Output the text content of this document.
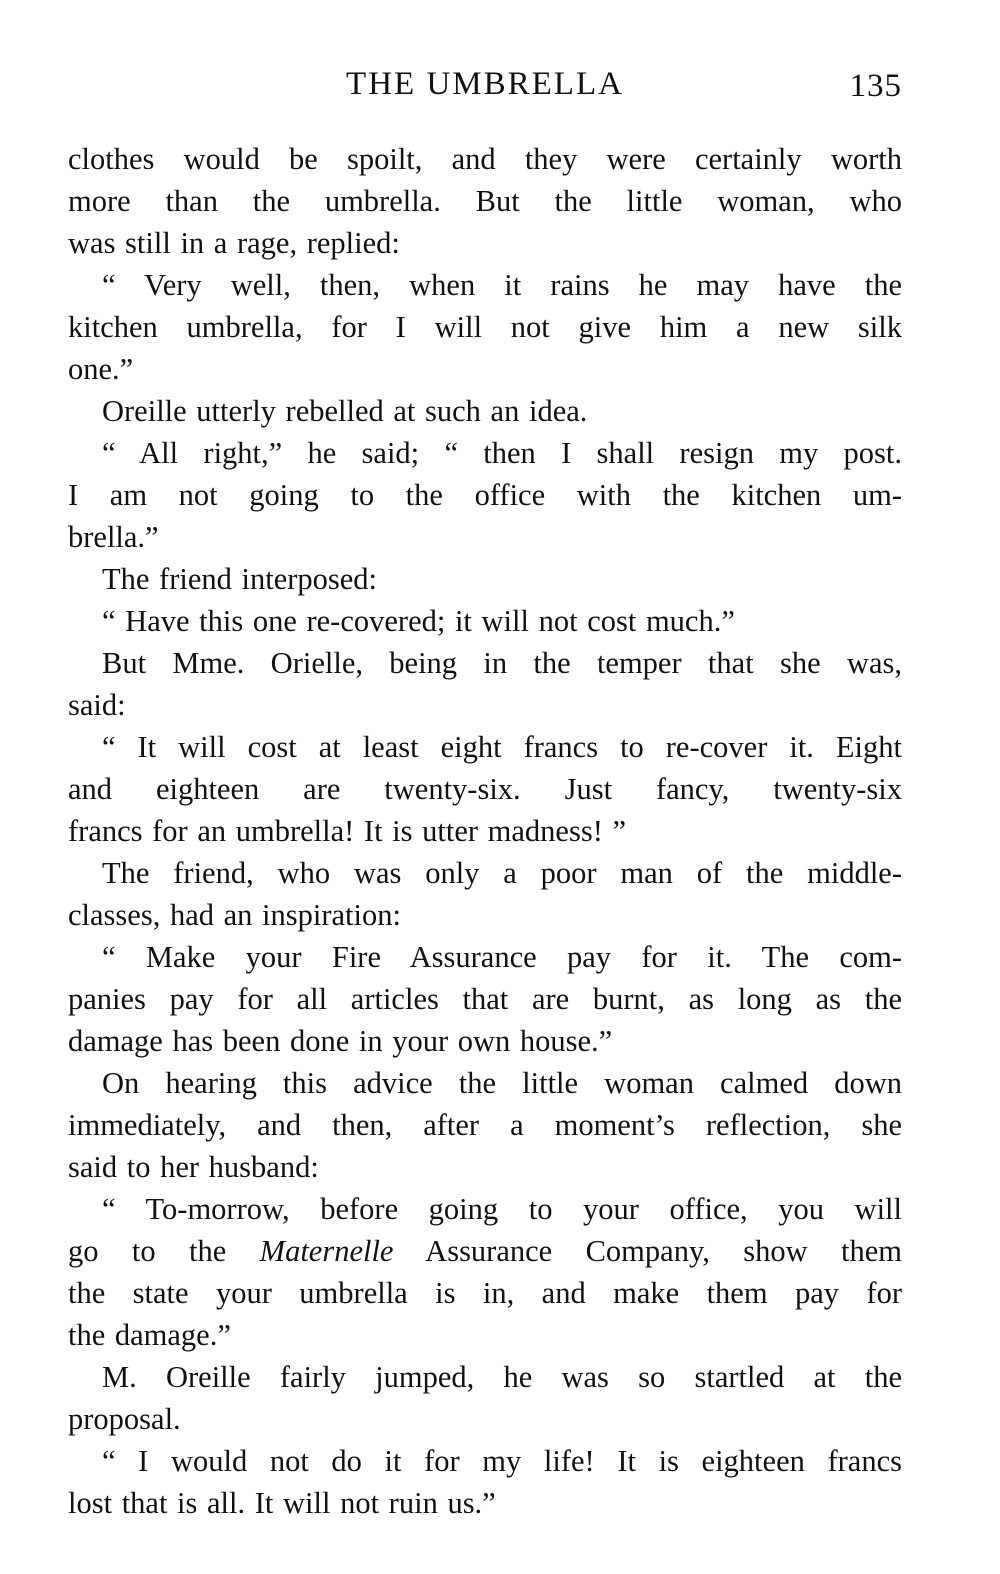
THE UMBRELLA	135

clothes would be spoilt, and they were certainly worth
more than the umbrella. But the little woman, who
was still in a rage, replied:

“ Very well, then, when it rains he may have the
kitchen umbrella, for I will not give him a new silk
one.”

Oreille utterly rebelled at such an idea.

“ All right,” he said; “ then I shall resign my post.
I am not going to the office with the kitchen um-
brella.”

The friend interposed:

“ Have this one re-covered; it will not cost much.”

But Mme. Orielle, being in the temper that she was,
said:

“ It will cost at least eight francs to re-cover it. Eight
and eighteen are twenty-six. Just fancy, twenty-six
francs for an umbrella! It is utter madness! ”

The friend, who was only a poor man of the middle-
classes, had an inspiration:

“ Make your Fire Assurance pay for it. The com-
panies pay for all articles that are burnt, as long as the
damage has been done in your own house.”

On hearing this advice the little woman calmed down
immediately, and then, after a moment’s reflection, she
said to her husband:

“ To-morrow, before going to your office, you will
go to the Maternelle Assurance Company, show them
the state your umbrella is in, and make them pay for
the damage.”

M. Oreille fairly jumped, he was so startled at the
proposal.

“ I would not do it for my life! It is eighteen francs
lost that is all. It will not ruin us.”
